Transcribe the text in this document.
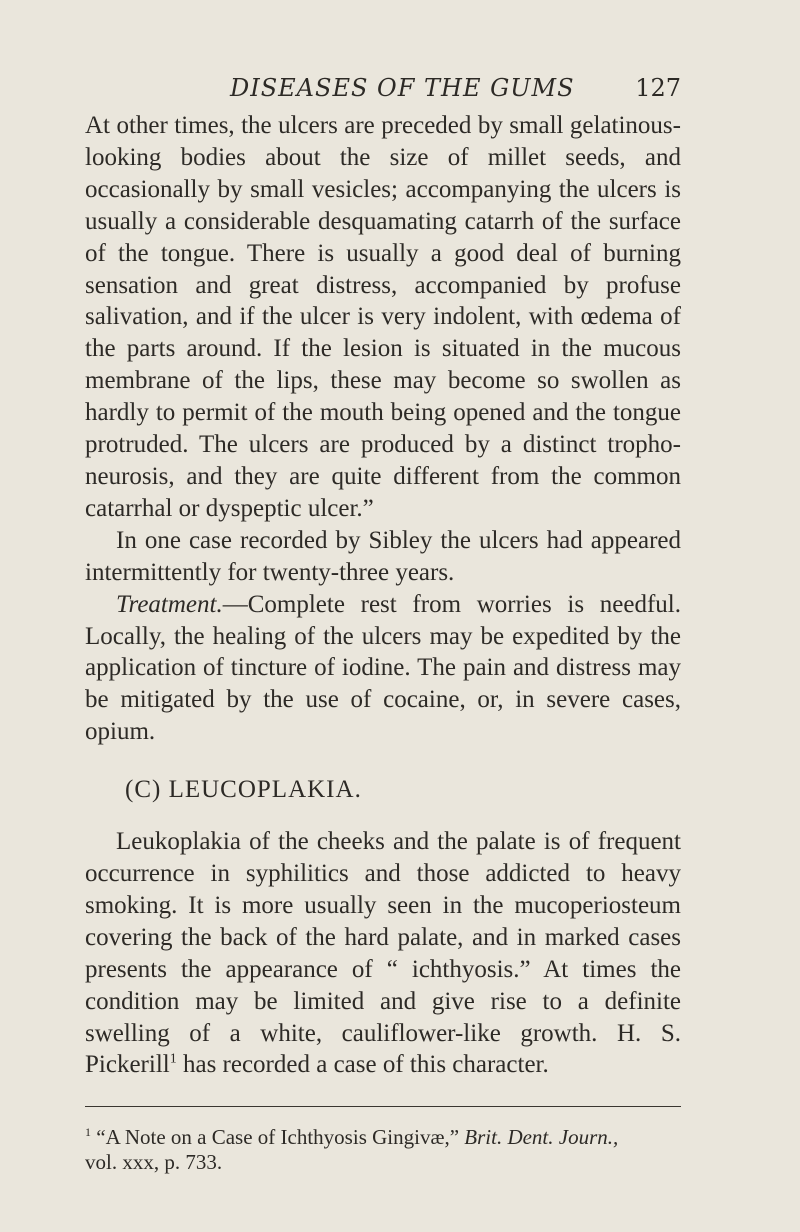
DISEASES OF THE GUMS	127

At other times, the ulcers are preceded by small gelatinous-looking bodies about the size of millet seeds, and occasionally by small vesicles; accompanying the ulcers is usually a considerable desquamating catarrh of the surface of the tongue. There is usually a good deal of burning sensation and great distress, accompanied by profuse salivation, and if the ulcer is very indolent, with œdema of the parts around. If the lesion is situated in the mucous membrane of the lips, these may become so swollen as hardly to permit of the mouth being opened and the tongue protruded. The ulcers are produced by a distinct tropho-neurosis, and they are quite different from the common catarrhal or dyspeptic ulcer.”

In one case recorded by Sibley the ulcers had appeared intermittently for twenty-three years.

Treatment.—Complete rest from worries is needful. Locally, the healing of the ulcers may be expedited by the application of tincture of iodine. The pain and distress may be mitigated by the use of cocaine, or, in severe cases, opium.

(C) LEUCOPLAKIA.

Leukoplakia of the cheeks and the palate is of frequent occurrence in syphilitics and those addicted to heavy smoking. It is more usually seen in the mucoperiosteum covering the back of the hard palate, and in marked cases presents the appearance of “ ichthyosis.” At times the condition may be limited and give rise to a definite swelling of a white, cauliflower-like growth. H. S. Pickerill$^1$ has recorded a case of this character.

$^1$ “A Note on a Case of Ichthyosis Gingivæ,” Brit. Dent. Journ.,
vol. xxx, p. 733.
